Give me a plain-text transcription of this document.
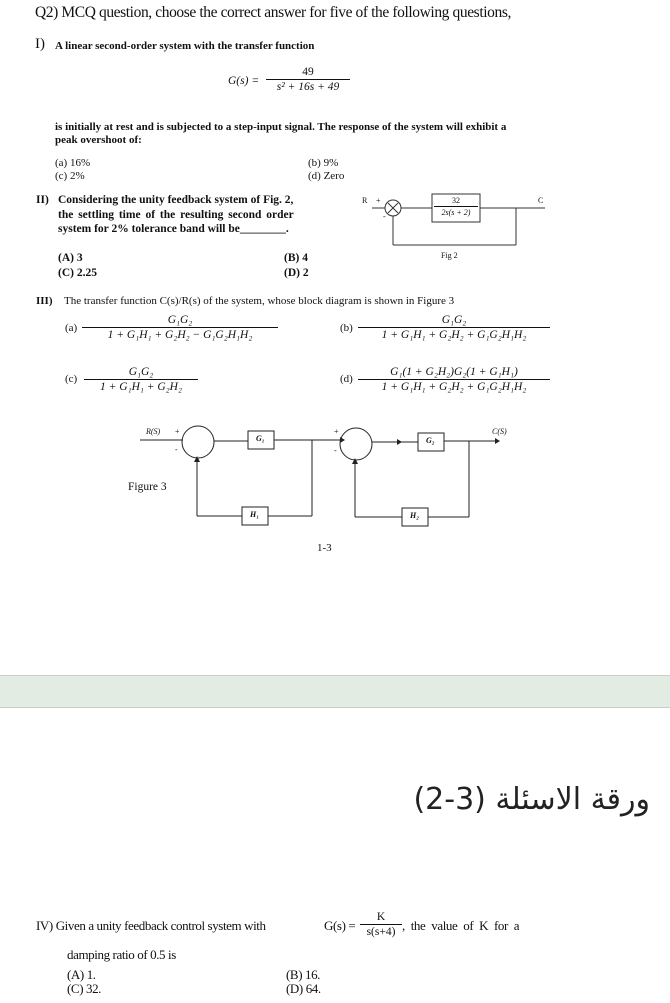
Q2) MCQ question, choose the correct answer for five of the following questions,
I) A linear second-order system with the transfer function
$G(s) = \frac{49}{\text{s² + 16s + 49}}$
is initially at rest and is subjected to a step-input signal. The response of the system will exhibit a
peak overshoot of:
(a) 16%	(b) 9%
(c) 2%	(d) Zero
II) Considering the unity feedback system of Fig. 2,
the settling time of the resulting second order
system for 2% tolerance band will be________.
(A) 3	(B) 4
(C) 2.25	(D) 2
R +
-
C
$\frac{32}{2s(s + 2)}$
Fig 2
III) The transfer function C(s)/R(s) of the system, whose block diagram is shown in Figure 3
$(a) \frac{\text{G₁G₂}}{\text{1 + G₁H₁ + G₂H₂ − G₁G₂H₁H₂}}$	$(b) \frac{\text{G₁G₂}}{\text{1 + G₁H₁ + G₂H₂ + G₁G₂H₁H₂}}$
$(c) \frac{\text{G₁G₂}}{\text{1 + G₁H₁ + G₂H₂}}$	$(d) \frac{\text{G₁(1 + G₂H₂)G₂(1 + G₁H₁)}}{\text{1 + G₁H₁ + G₂H₂ + G₁G₂H₁H₂}}$
R(S) +
-
+
-
G₁	G₂
H₁	H₂
C(S)
Figure 3
1-3
ورقة الاسئلة (3-2)
IV) Given a unity feedback control system with	$G(s) = \frac{K}{s(s+4)}$ , the value of K for a
damping ratio of 0.5 is
(A) 1.	(B) 16.
(C) 32.	(D) 64.
